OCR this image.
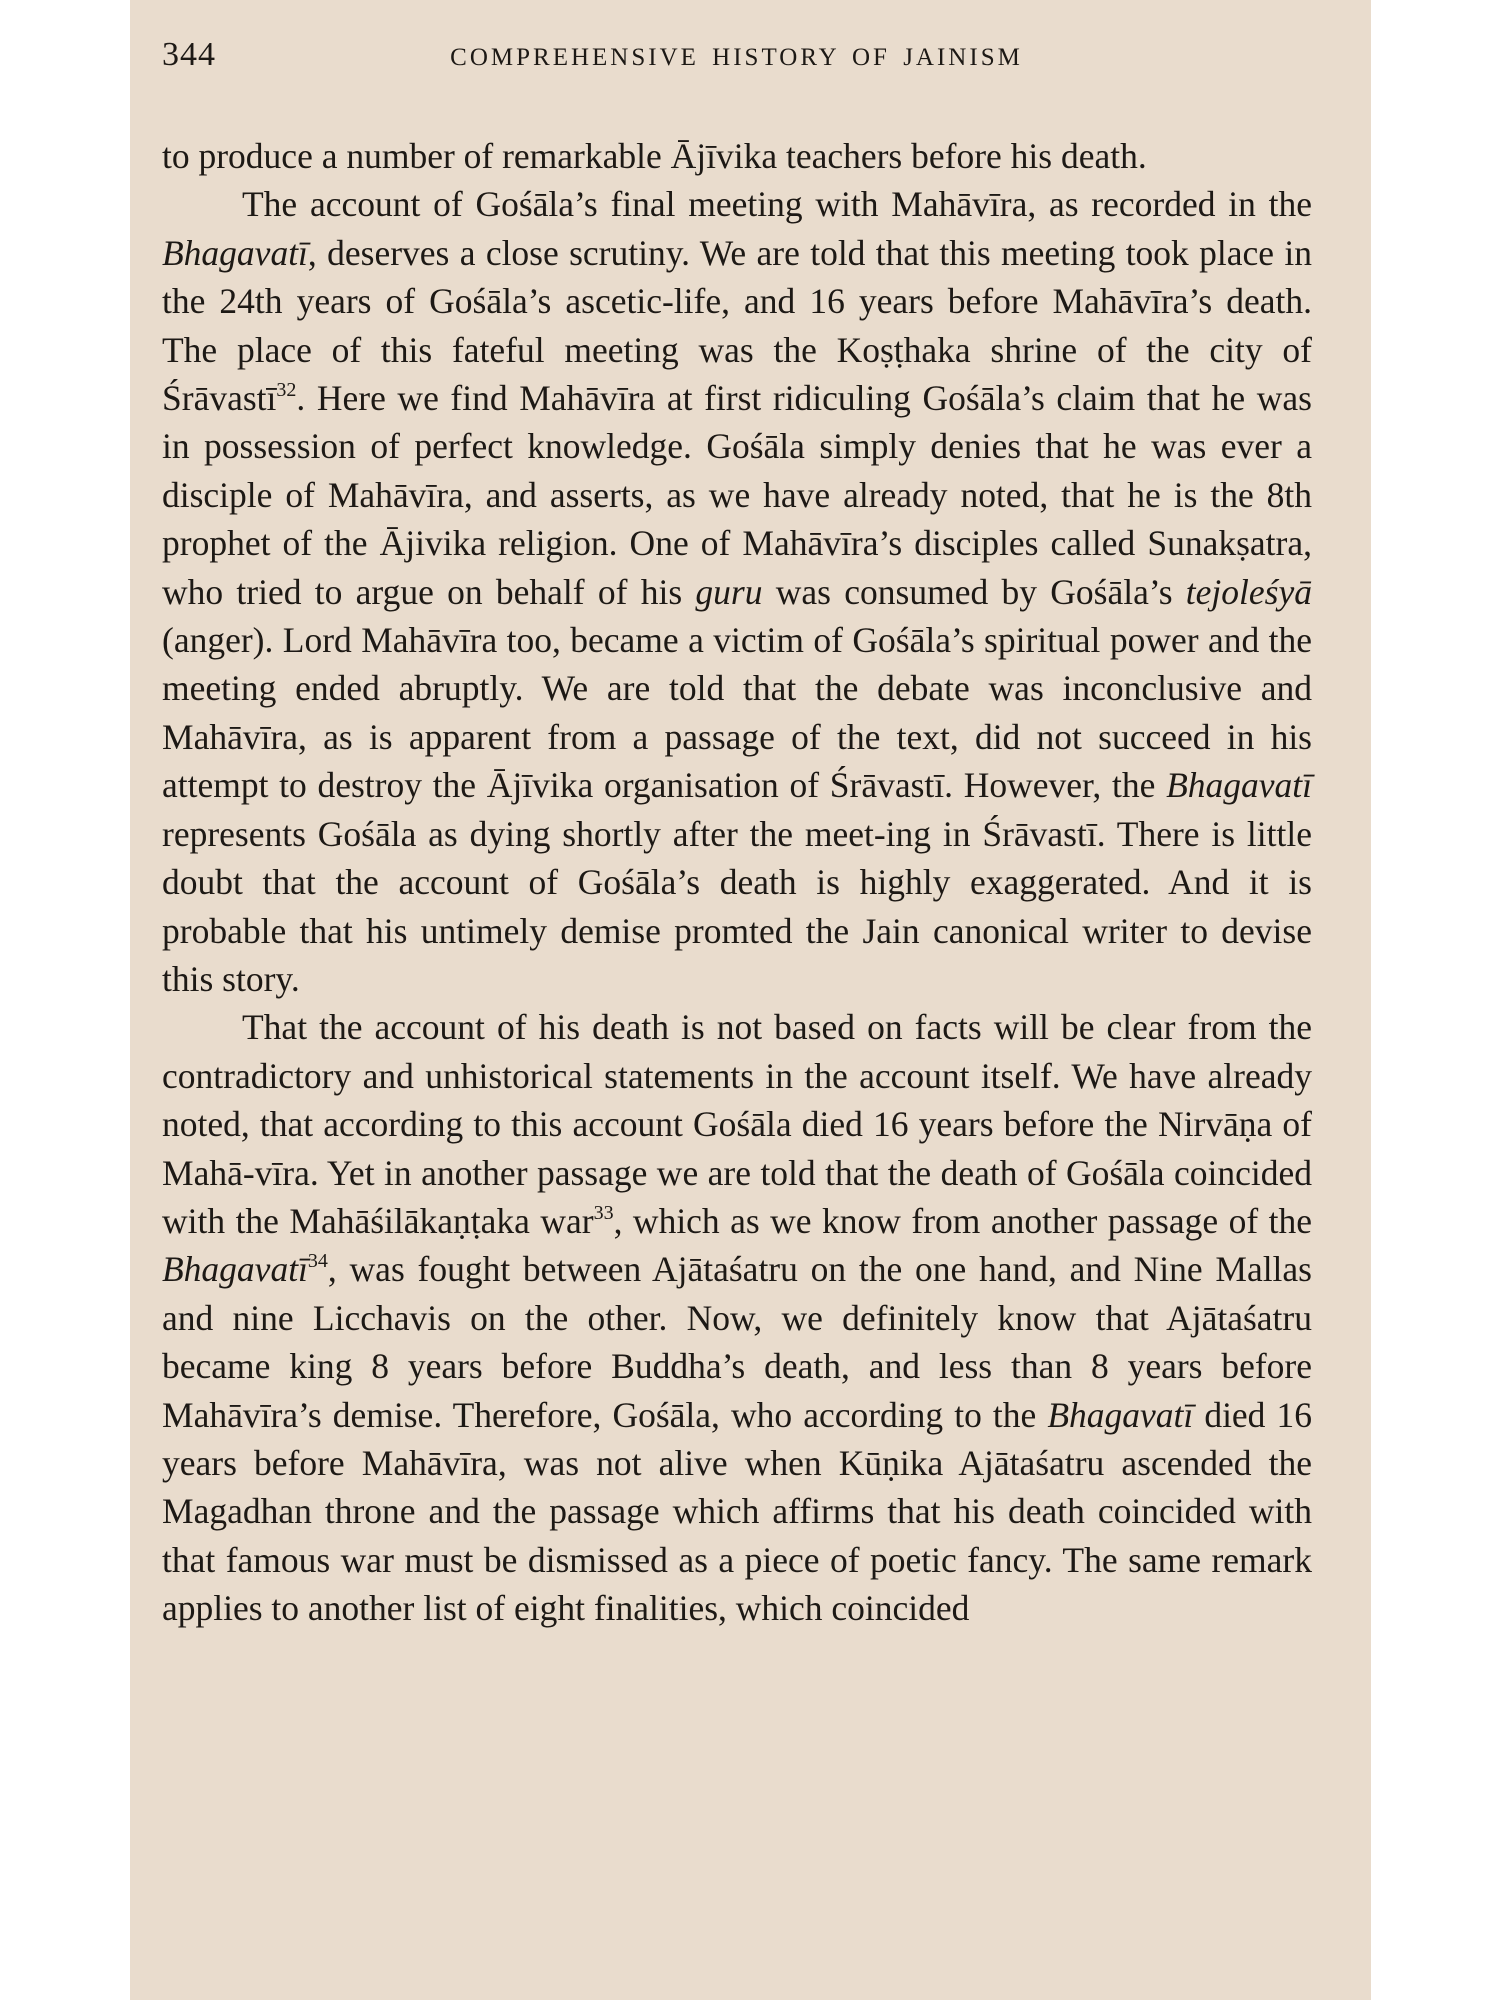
344	COMPREHENSIVE HISTORY OF JAINISM

to produce a number of remarkable Ājīvika teachers before his death.

The account of Gośāla’s final meeting with Mahāvīra, as recorded in the Bhagavatī, deserves a close scrutiny. We are told that this meeting took place in the 24th years of Gośāla’s ascetic-life, and 16 years before Mahāvīra’s death. The place of this fateful meeting was the Koṣṭhaka shrine of the city of Śrāvastī$^{32}$. Here we find Mahāvīra at first ridiculing Gośāla’s claim that he was in possession of perfect knowledge. Gośāla simply denies that he was ever a disciple of Mahāvīra, and asserts, as we have already noted, that he is the 8th prophet of the Ājivika religion. One of Mahāvīra’s disciples called Sunakṣatra, who tried to argue on behalf of his guru was consumed by Gośāla’s tejoleśyā (anger). Lord Mahāvīra too, became a victim of Gośāla’s spiritual power and the meeting ended abruptly. We are told that the debate was inconclusive and Mahāvīra, as is apparent from a passage of the text, did not succeed in his attempt to destroy the Ājīvika organisation of Śrāvastī. However, the Bhagavatī represents Gośāla as dying shortly after the meet-ing in Śrāvastī. There is little doubt that the account of Gośāla’s death is highly exaggerated. And it is probable that his untimely demise promted the Jain canonical writer to devise this story.

That the account of his death is not based on facts will be clear from the contradictory and unhistorical statements in the account itself. We have already noted, that according to this account Gośāla died 16 years before the Nirvāṇa of Mahā-vīra. Yet in another passage we are told that the death of Gośāla coincided with the Mahāśilākaṇṭaka war$^{33}$, which as we know from another passage of the Bhagavatī$^{34}$, was fought between Ajātaśatru on the one hand, and Nine Mallas and nine Licchavis on the other. Now, we definitely know that Ajātaśatru became king 8 years before Buddha’s death, and less than 8 years before Mahāvīra’s demise. Therefore, Gośāla, who according to the Bhagavatī died 16 years before Mahāvīra, was not alive when Kūṇika Ajātaśatru ascended the Magadhan throne and the passage which affirms that his death coincided with that famous war must be dismissed as a piece of poetic fancy. The same remark applies to another list of eight finalities, which coincided
